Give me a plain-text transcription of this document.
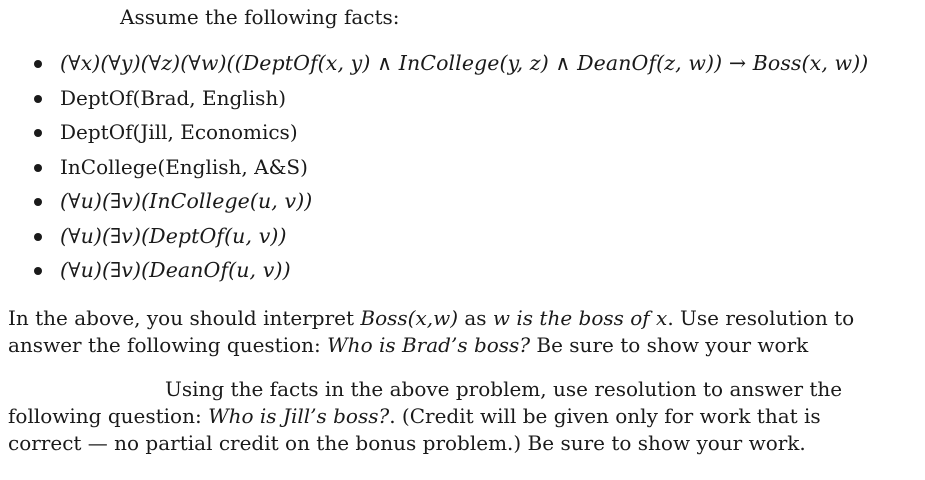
Assume the following facts:
(∀x)(∀y)(∀z)(∀w)((DeptOf(x, y) ∧ InCollege(y, z) ∧ DeanOf(z, w)) → Boss(x, w))
DeptOf(Brad, English)
DeptOf(Jill, Economics)
InCollege(English, A&S)
(∀u)(∃v)(InCollege(u, v))
(∀u)(∃v)(DeptOf(u, v))
(∀u)(∃v)(DeanOf(u, v))

In the above, you should interpret Boss(x,w) as w is the boss of x. Use resolution to answer the following question: Who is Brad’s boss? Be sure to show your work

Using the facts in the above problem, use resolution to answer the following question: Who is Jill’s boss?. (Credit will be given only for work that is correct — no partial credit on the bonus problem.) Be sure to show your work.
